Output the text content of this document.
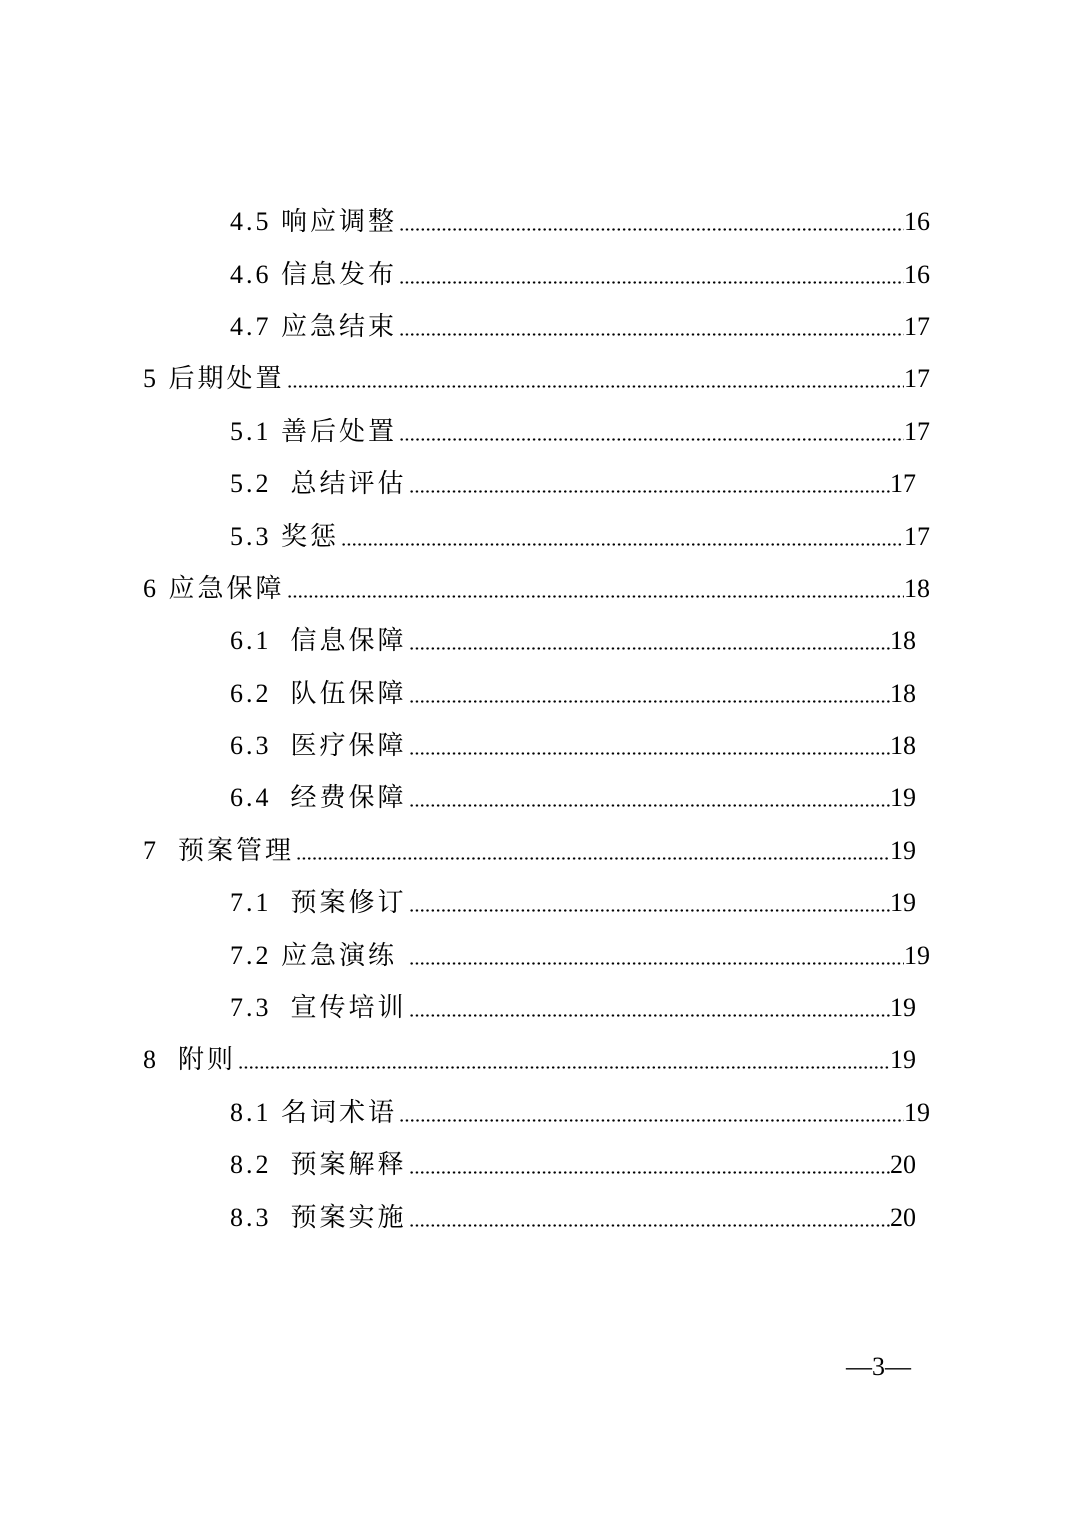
4.5 响应调整	16
4.6 信息发布	16
4.7 应急结束	17
5 后期处置	17
5.1 善后处置	17
5.2  总结评估	17
5.3 奖惩	17
6 应急保障	18
6.1  信息保障	18
6.2  队伍保障	18
6.3  医疗保障	18
6.4  经费保障	19
7  预案管理	19
7.1  预案修订	19
7.2 应急演练	19
7.3  宣传培训	19
8  附则	19
8.1 名词术语	19
8.2  预案解释	20
8.3  预案实施	20
—3—
